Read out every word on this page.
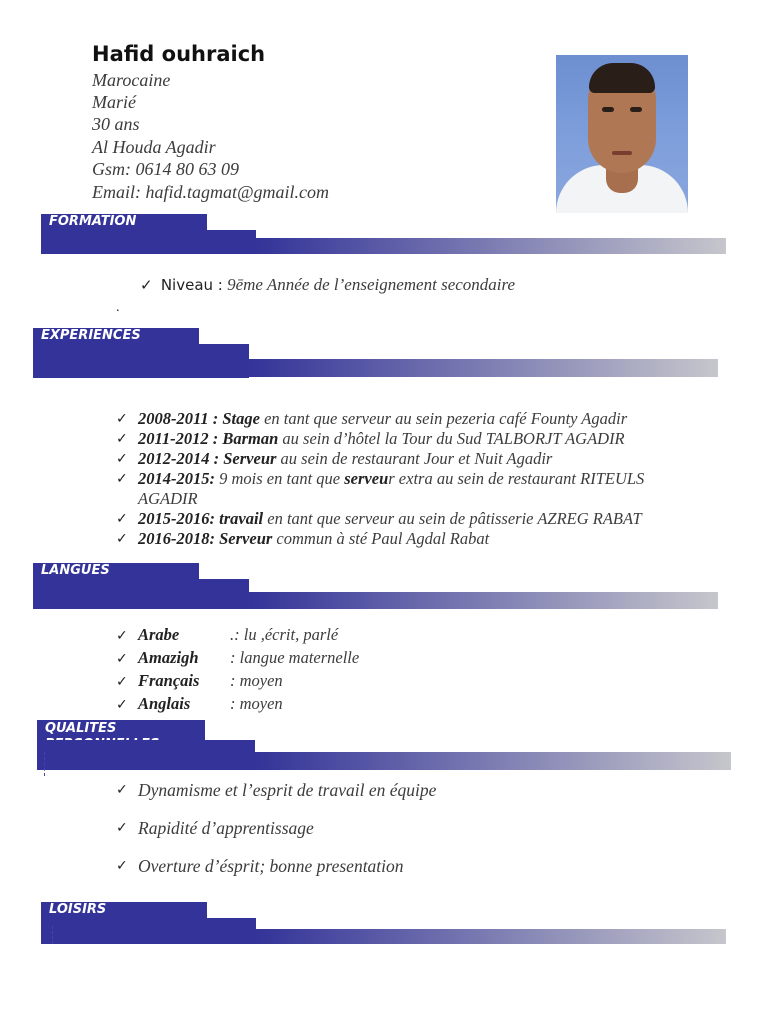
Hafid ouhraich
Marocaine
Marié
30 ans
Al Houda Agadir
Gsm: 0614 80 63 09
Email: hafid.tagmat@gmail.com
FORMATION
✓ Niveau : 9ēme Année de l’enseignement secondaire
.
EXPERIENCES
✓ 2008-2011 : Stage en tant que serveur au sein pezeria café Founty Agadir
✓ 2011-2012 : Barman au sein d’hôtel la Tour du Sud TALBORJT AGADIR
✓ 2012-2014 : Serveur au sein de restaurant Jour et Nuit Agadir
✓ 2014-2015: 9 mois en tant que serveur extra au sein de restaurant RITEULS
AGADIR
✓ 2015-2016: travail en tant que serveur au sein de pâtisserie AZREG RABAT
✓ 2016-2018: Serveur commun à sté Paul Agdal Rabat
LANGUES
✓ Arabe	.: lu ,écrit, parlé
✓ Amazigh : langue maternelle
✓ Français : moyen
✓ Anglais : moyen
QUALITES

✓ Dynamisme et l’esprit de travail en équipe
✓ Rapidité d’apprentissage
✓ Overture d’ésprit; bonne presentation
LOISIRS
